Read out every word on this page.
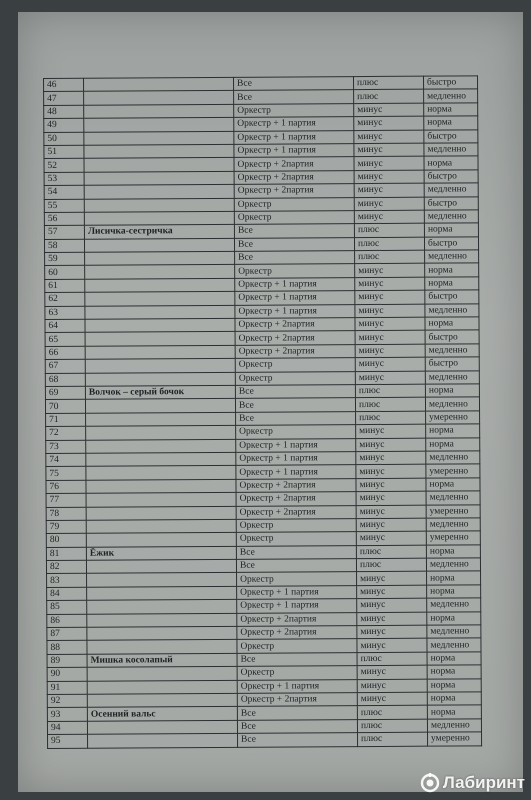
46		Все	плюс	быстро
47		Все	плюс	медленно
48		Оркестр	минус	норма
49		Оркестр + 1 партия	минус	норма
50		Оркестр + 1 партия	минус	быстро
51		Оркестр + 1 партия	минус	медленно
52		Оркестр + 2партия	минус	норма
53		Оркестр + 2партия	минус	быстро
54		Оркестр + 2партия	минус	медленно
55		Оркестр	минус	быстро
56		Оркестр	минус	медленно
57	Лисичка-сестричка	Все	плюс	норма
58		Все	плюс	быстро
59		Все	плюс	медленно
60		Оркестр	минус	норма
61		Оркестр + 1 партия	минус	норма
62		Оркестр + 1 партия	минус	быстро
63		Оркестр + 1 партия	минус	медленно
64		Оркестр + 2партия	минус	норма
65		Оркестр + 2партия	минус	быстро
66		Оркестр + 2партия	минус	медленно
67		Оркестр	минус	быстро
68		Оркестр	минус	медленно
69	Волчок – серый бочок	Все	плюс	норма
70		Все	плюс	медленно
71		Все	плюс	умеренно
72		Оркестр	минус	норма
73		Оркестр + 1 партия	минус	норма
74		Оркестр + 1 партия	минус	медленно
75		Оркестр + 1 партия	минус	умеренно
76		Оркестр + 2партия	минус	норма
77		Оркестр + 2партия	минус	медленно
78		Оркестр + 2партия	минус	умеренно
79		Оркестр	минус	медленно
80		Оркестр	минус	умеренно
81	Ёжик	Все	плюс	норма
82		Все	плюс	медленно
83		Оркестр	минус	норма
84		Оркестр + 1 партия	минус	норма
85		Оркестр + 1 партия	минус	медленно
86		Оркестр + 2партия	минус	норма
87		Оркестр + 2партия	минус	медленно
88		Оркестр	минус	медленно
89	Мишка косолапый	Все	плюс	норма
90		Оркестр	минус	норма
91		Оркестр + 1 партия	минус	норма
92		Оркестр + 2партия	минус	норма
93	Осенний вальс	Все	плюс	норма
94		Все	плюс	медленно
95		Все	плюс	умеренно
Лабиринт
